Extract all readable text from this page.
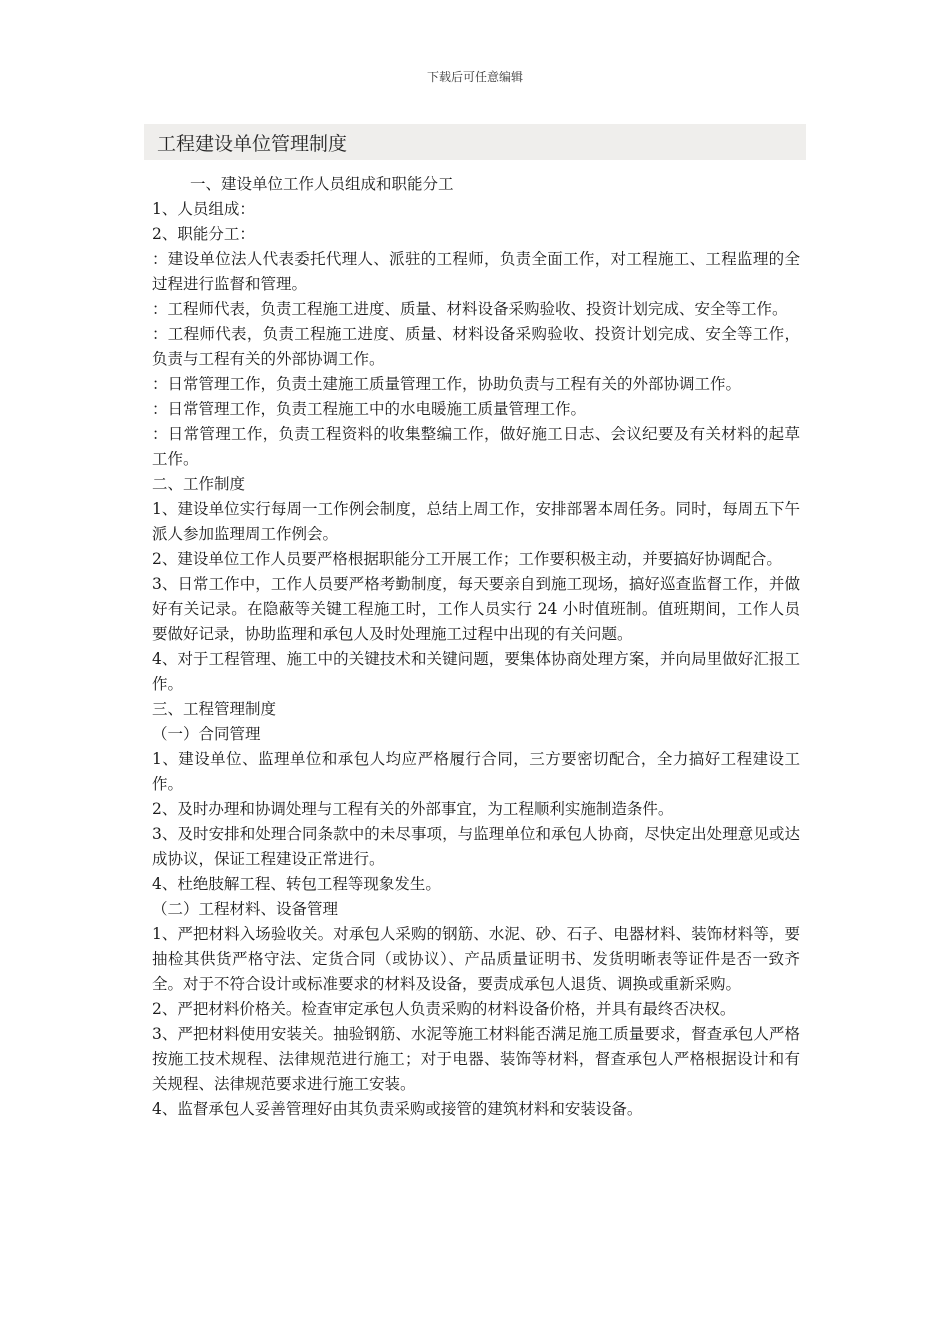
下载后可任意编辑
工程建设单位管理制度

一、建设单位工作人员组成和职能分工

1、人员组成：

2、职能分工：

：建设单位法人代表委托代理人、派驻的工程师，负责全面工作，对工程施工、工程监理的全过程进行监督和管理。

：工程师代表，负责工程施工进度、质量、材料设备采购验收、投资计划完成、安全等工作。

：工程师代表，负责工程施工进度、质量、材料设备采购验收、投资计划完成、安全等工作，负责与工程有关的外部协调工作。

：日常管理工作，负责土建施工质量管理工作，协助负责与工程有关的外部协调工作。

：日常管理工作，负责工程施工中的水电暖施工质量管理工作。

：日常管理工作，负责工程资料的收集整编工作，做好施工日志、会议纪要及有关材料的起草工作。

二、工作制度

1、建设单位实行每周一工作例会制度，总结上周工作，安排部署本周任务。同时，每周五下午派人参加监理周工作例会。

2、建设单位工作人员要严格根据职能分工开展工作；工作要积极主动，并要搞好协调配合。

3、日常工作中，工作人员要严格考勤制度，每天要亲自到施工现场，搞好巡查监督工作，并做好有关记录。在隐蔽等关键工程施工时，工作人员实行 24 小时值班制。值班期间，工作人员要做好记录，协助监理和承包人及时处理施工过程中出现的有关问题。

4、对于工程管理、施工中的关键技术和关键问题，要集体协商处理方案，并向局里做好汇报工作。

三、工程管理制度

（一）合同管理

1、建设单位、监理单位和承包人均应严格履行合同，三方要密切配合，全力搞好工程建设工作。

2、及时办理和协调处理与工程有关的外部事宜，为工程顺利实施制造条件。

3、及时安排和处理合同条款中的未尽事项，与监理单位和承包人协商，尽快定出处理意见或达成协议，保证工程建设正常进行。

4、杜绝肢解工程、转包工程等现象发生。

（二）工程材料、设备管理

1、严把材料入场验收关。对承包人采购的钢筋、水泥、砂、石子、电器材料、装饰材料等，要抽检其供货严格守法、定货合同（或协议）、产品质量证明书、发货明晰表等证件是否一致齐全。对于不符合设计或标准要求的材料及设备，要责成承包人退货、调换或重新采购。

2、严把材料价格关。检查审定承包人负责采购的材料设备价格，并具有最终否决权。

3、严把材料使用安装关。抽验钢筋、水泥等施工材料能否满足施工质量要求，督查承包人严格按施工技术规程、法律规范进行施工；对于电器、装饰等材料，督查承包人严格根据设计和有关规程、法律规范要求进行施工安装。

4、监督承包人妥善管理好由其负责采购或接管的建筑材料和安装设备。
